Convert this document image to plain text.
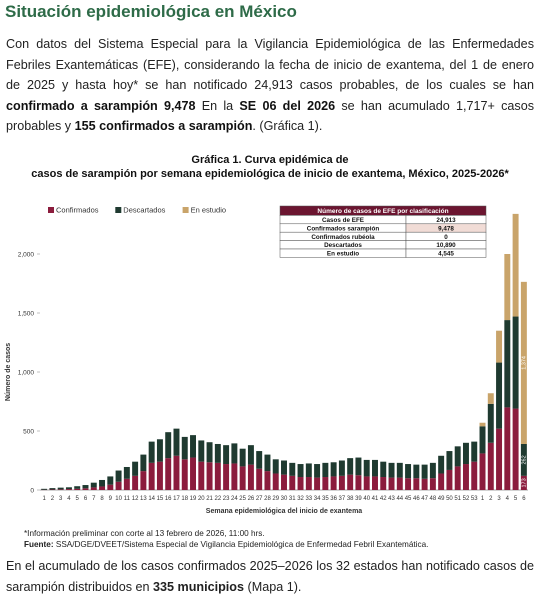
Situación epidemiológica en México
Con datos del Sistema Especial para la Vigilancia Epidemiológica de las Enfermedades Febriles Exantemáticas (EFE), considerando la fecha de inicio de exantema, del 1 de enero de 2025 y hasta hoy* se han notificado 24,913 casos probables, de los cuales se han confirmado a sarampión 9,478 En la SE 06 del 2026 se han acumulado 1,717+ casos probables y 155 confirmados a sarampión. (Gráfica 1).
Gráfica 1. Curva epidémica de
casos de sarampión por semana epidemiológica de inicio de exantema, México, 2025-2026*
0
500
1,000
1,500
2,000
Número de casos
1 2 3 4 5 6 7 8 9 10 11 12 13 14 15 16 17 18 19 20 21 22 23 24 25 26 27 28 29 30 31 32 33 34 35 36 37 38 39 40 41 42 43 44 45 46 47 48 49 50 51 52 53 1 2 3 4 5 6
173
262
1,374
Semana epidemiológica del inicio de exantema
Confirmados	Descartados	En estudio	Número de casos de EFE por clasificación
Casos de EFE	24,913
Confirmados sarampión	9,478
Confirmados rubéola	0
Descartados	10,890
En estudio	4,545
*Información preliminar con corte al 13 febrero de 2026, 11:00 hrs.
Fuente: SSA/DGE/DVEET/Sistema Especial de Vigilancia Epidemiológica de Enfermedad Febril Exantemática.
En el acumulado de los casos confirmados 2025–2026 los 32 estados han notificado casos de sarampión distribuidos en 335 municipios (Mapa 1).
